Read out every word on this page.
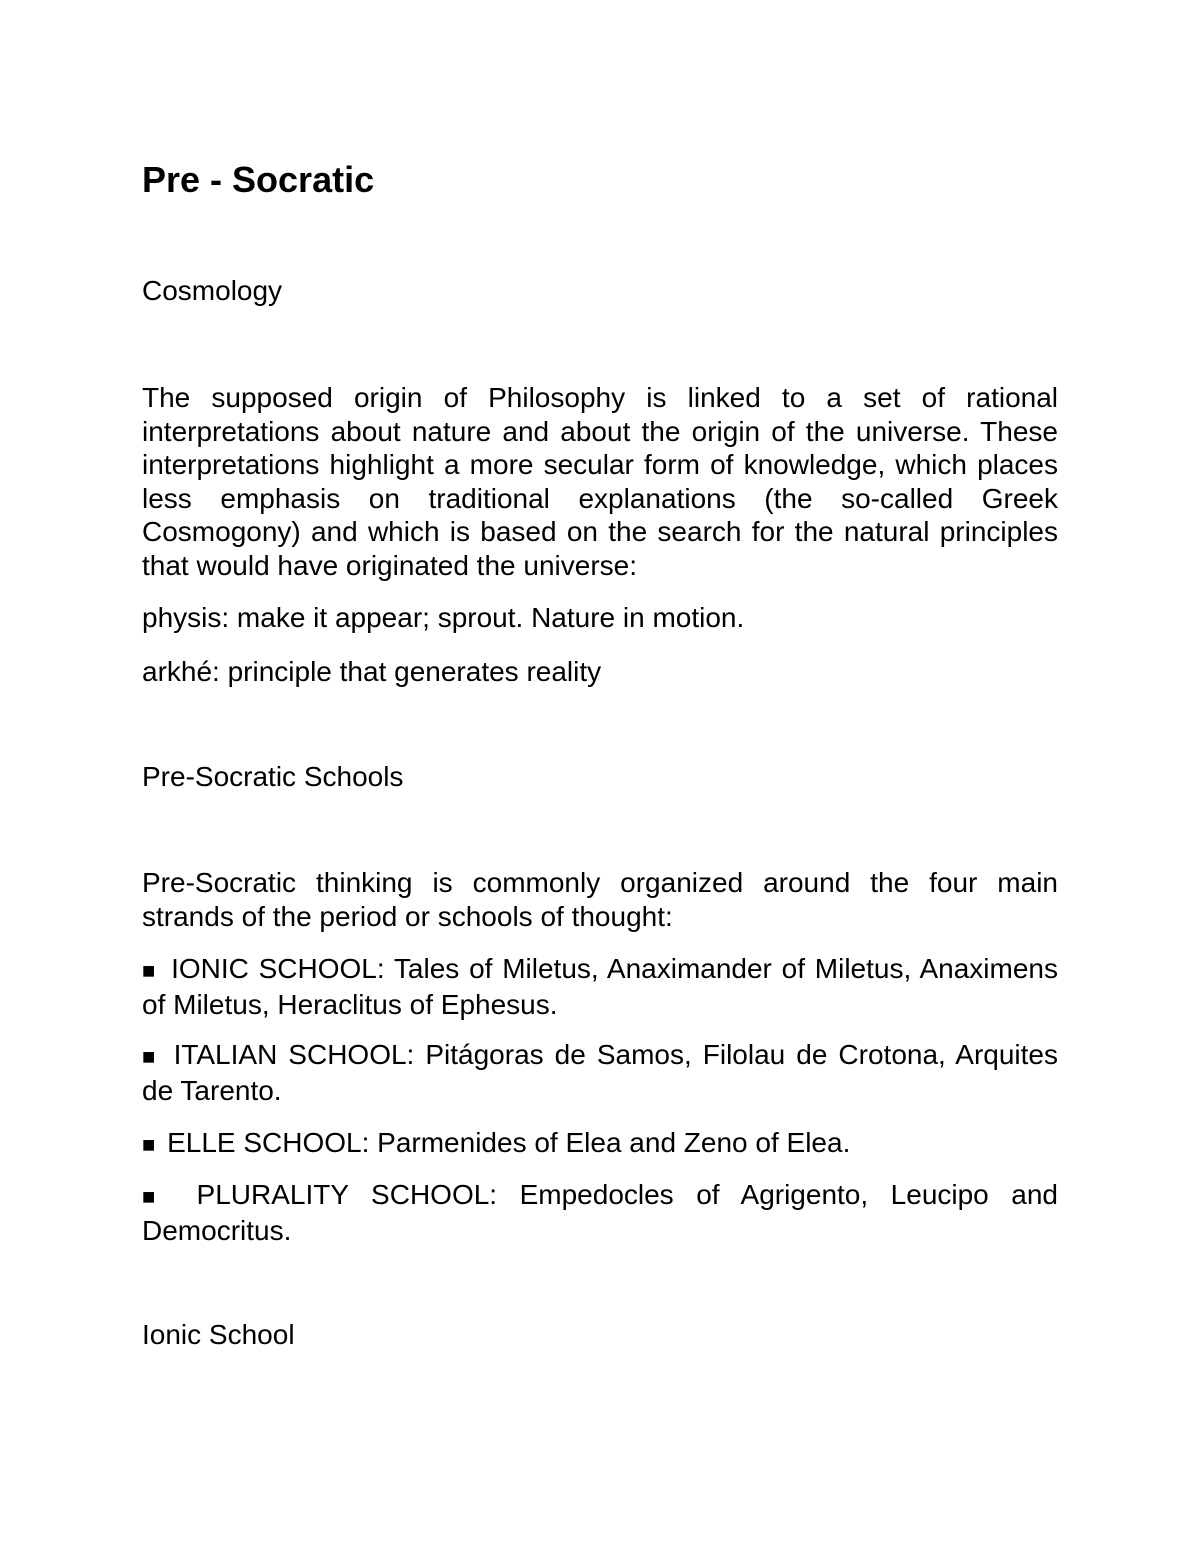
Pre - Socratic
Cosmology

The supposed origin of Philosophy is linked to a set of rational interpretations about nature and about the origin of the universe. These interpretations highlight a more secular form of knowledge, which places less emphasis on traditional explanations (the so-called Greek Cosmogony) and which is based on the search for the natural principles that would have originated the universe:

physis: make it appear; sprout. Nature in motion.

arkhé: principle that generates reality

Pre-Socratic Schools

Pre-Socratic thinking is commonly organized around the four main strands of the period or schools of thought:

■ IONIC SCHOOL: Tales of Miletus, Anaximander of Miletus, Anaximens of Miletus, Heraclitus of Ephesus.

■ ITALIAN SCHOOL: Pitágoras de Samos, Filolau de Crotona, Arquites de Tarento.

■ ELLE SCHOOL: Parmenides of Elea and Zeno of Elea.

■ PLURALITY SCHOOL: Empedocles of Agrigento, Leucipo and Democritus.

Ionic School
